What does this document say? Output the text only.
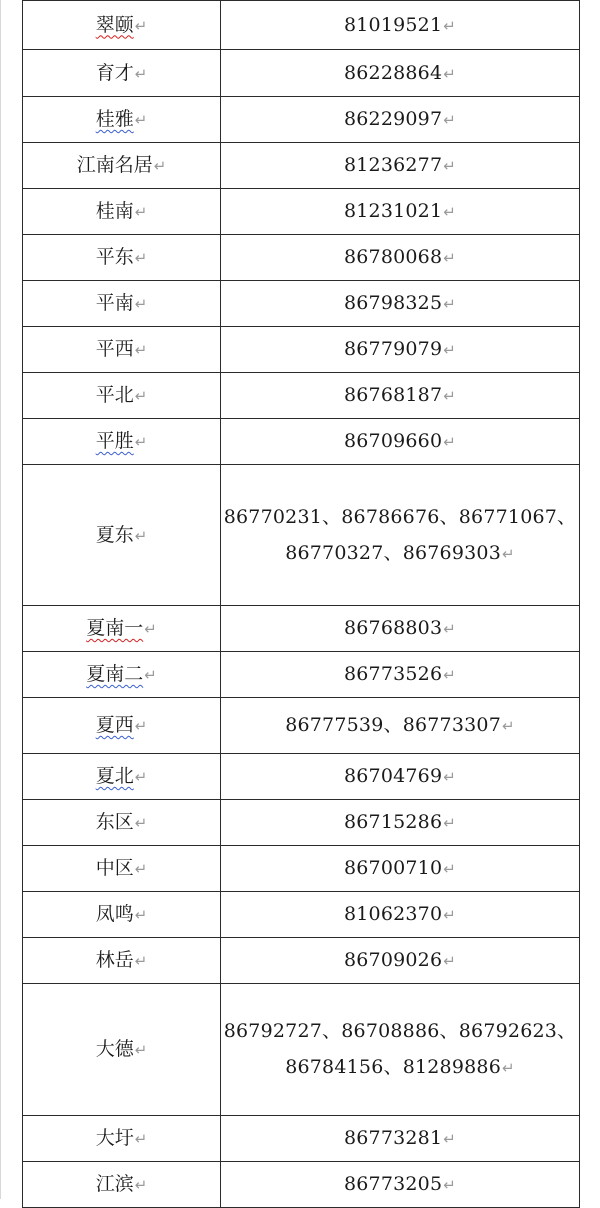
翠颐↵	81019521↵
育才↵	86228864↵
桂雅↵	86229097↵
江南名居↵	81236277↵
桂南↵	81231021↵
平东↵	86780068↵
平南↵	86798325↵
平西↵	86779079↵
平北↵	86768187↵
平胜↵	86709660↵
夏东↵	86770231、86786676、86771067、
86770327、86769303↵

夏南一↵	86768803↵
夏南二↵	86773526↵
夏西↵	86777539、86773307↵
夏北↵	86704769↵
东区↵	86715286↵
中区↵	86700710↵
凤鸣↵	81062370↵
林岳↵	86709026↵
大德↵	86792727、86708886、86792623、
86784156、81289886↵

大圩↵	86773281↵
江滨↵	86773205↵
